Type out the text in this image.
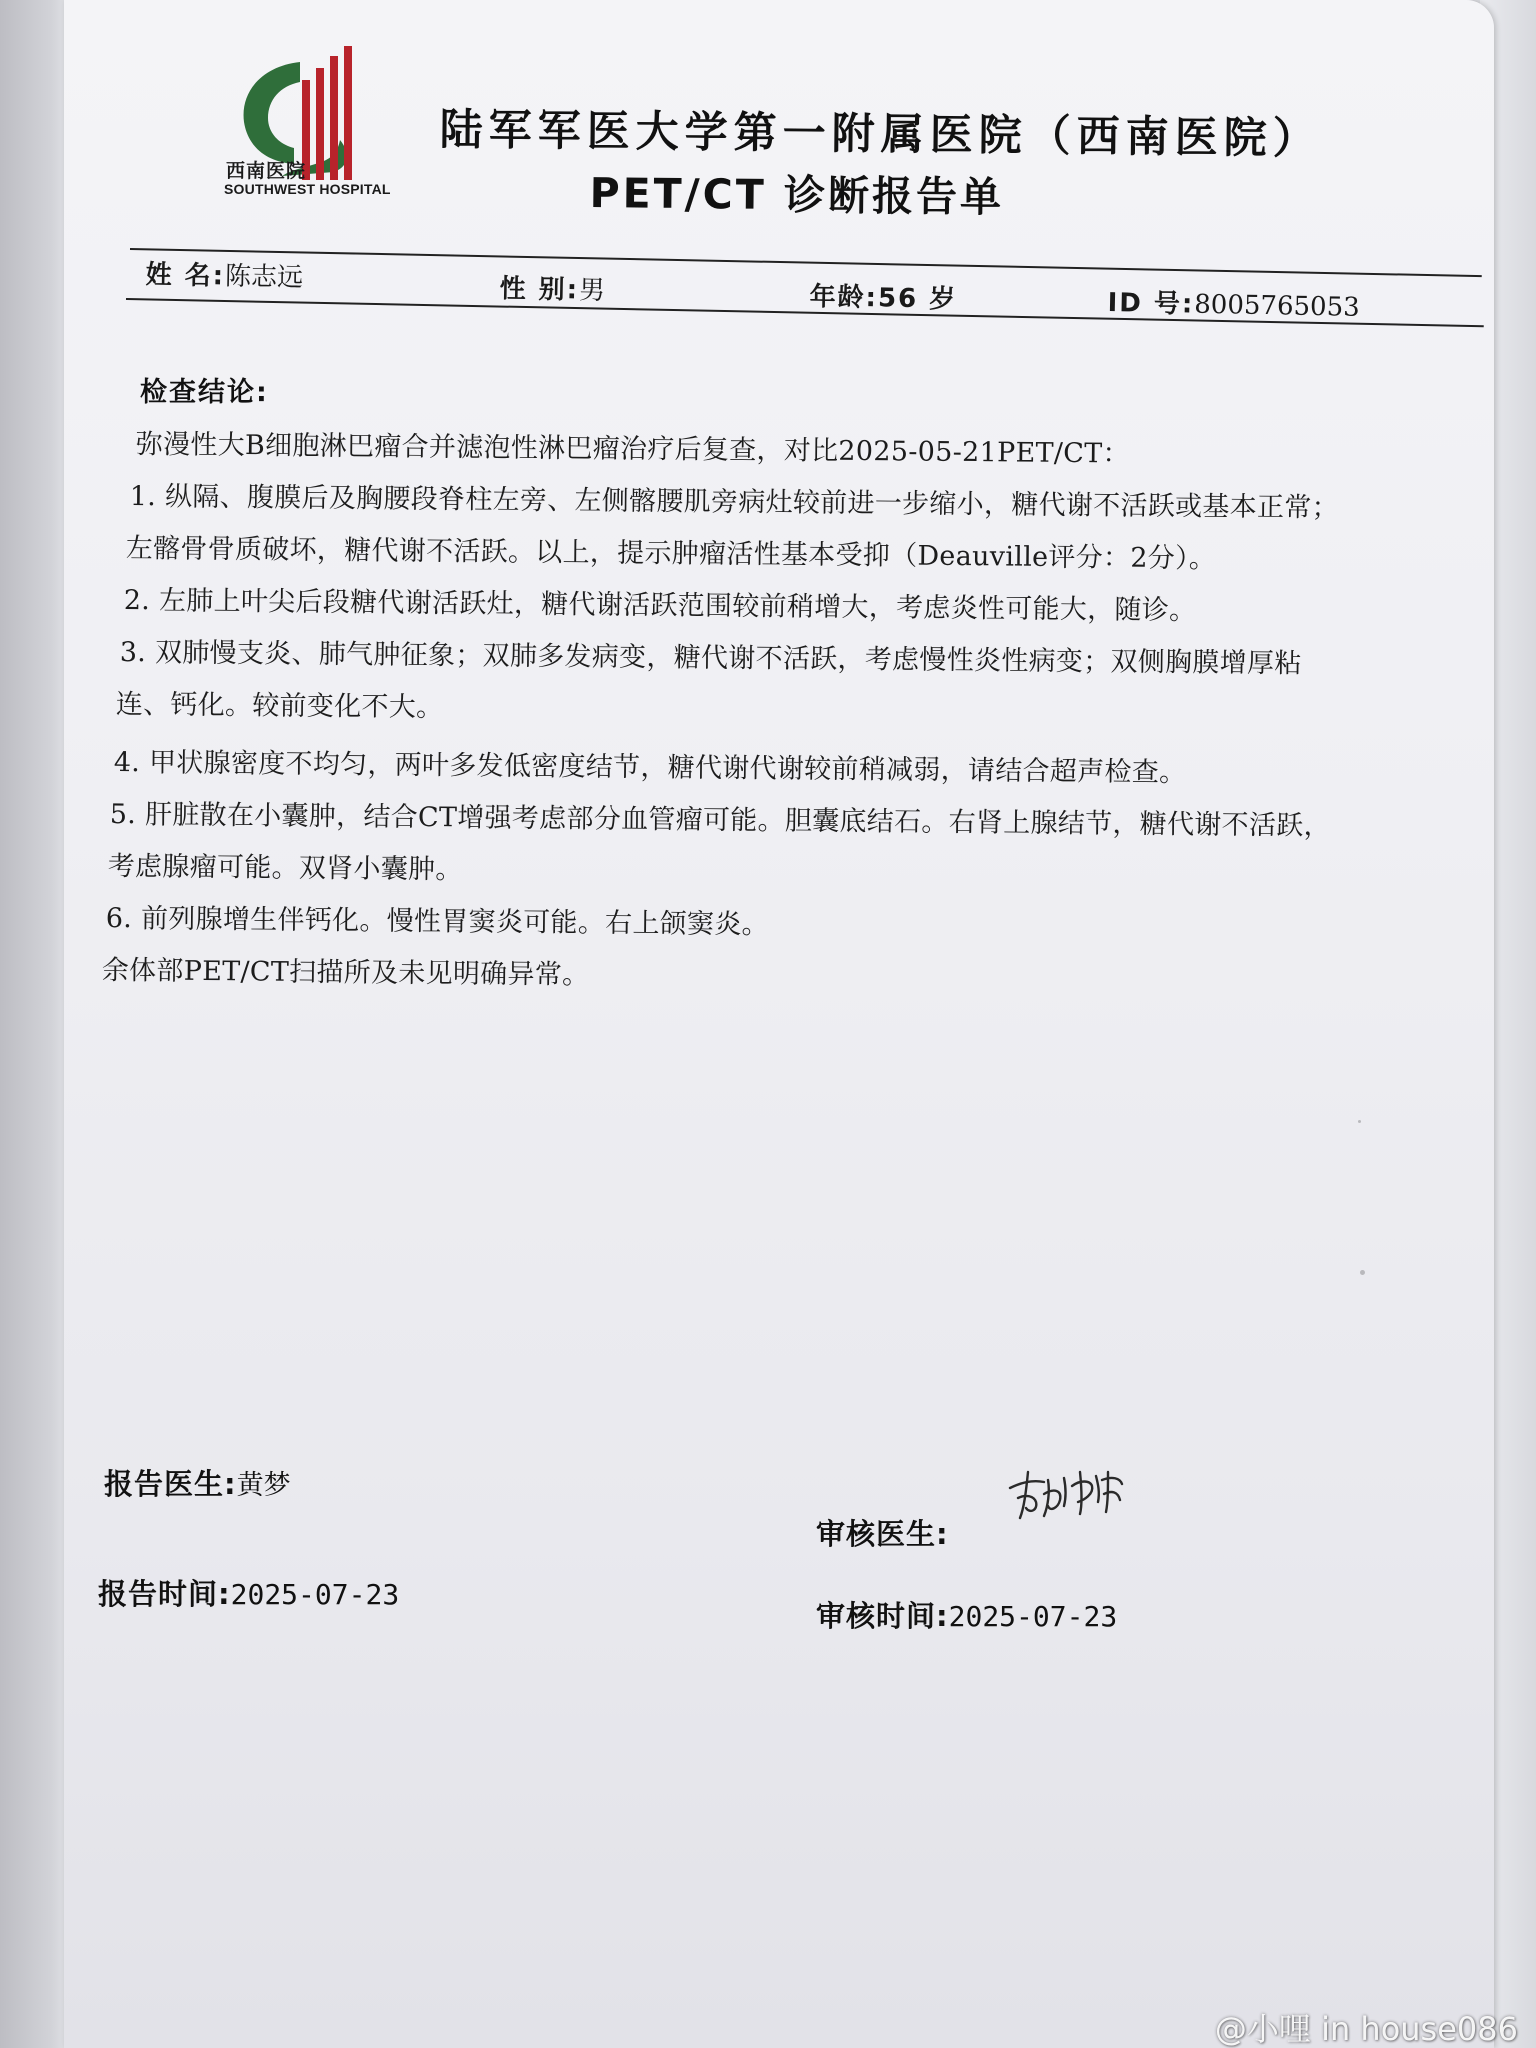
西南医院
SOUTHWEST HOSPITAL
陆军军医大学第一附属医院（西南医院）
PET/CT 诊断报告单
姓 名:陈志远	性 别:男	年龄:56 岁	ID 号:8005765053
检查结论:
弥漫性大B细胞淋巴瘤合并滤泡性淋巴瘤治疗后复查，对比2025-05-21PET/CT：
1. 纵隔、腹膜后及胸腰段脊柱左旁、左侧髂腰肌旁病灶较前进一步缩小，糖代谢不活跃或基本正常；
左髂骨骨质破坏，糖代谢不活跃。以上，提示肿瘤活性基本受抑（Deauville评分：2分）。
2. 左肺上叶尖后段糖代谢活跃灶，糖代谢活跃范围较前稍增大，考虑炎性可能大，随诊。
3. 双肺慢支炎、肺气肿征象；双肺多发病变，糖代谢不活跃，考虑慢性炎性病变；双侧胸膜增厚粘
连、钙化。较前变化不大。
4. 甲状腺密度不均匀，两叶多发低密度结节，糖代谢代谢较前稍减弱，请结合超声检查。
5. 肝脏散在小囊肿，结合CT增强考虑部分血管瘤可能。胆囊底结石。右肾上腺结节，糖代谢不活跃，
考虑腺瘤可能。双肾小囊肿。
6. 前列腺增生伴钙化。慢性胃窦炎可能。右上颌窦炎。
余体部PET/CT扫描所及未见明确异常。
报告医生:黄梦
审核医生:
报告时间:2025-07-23
审核时间:2025-07-23
@小哩 in house086
